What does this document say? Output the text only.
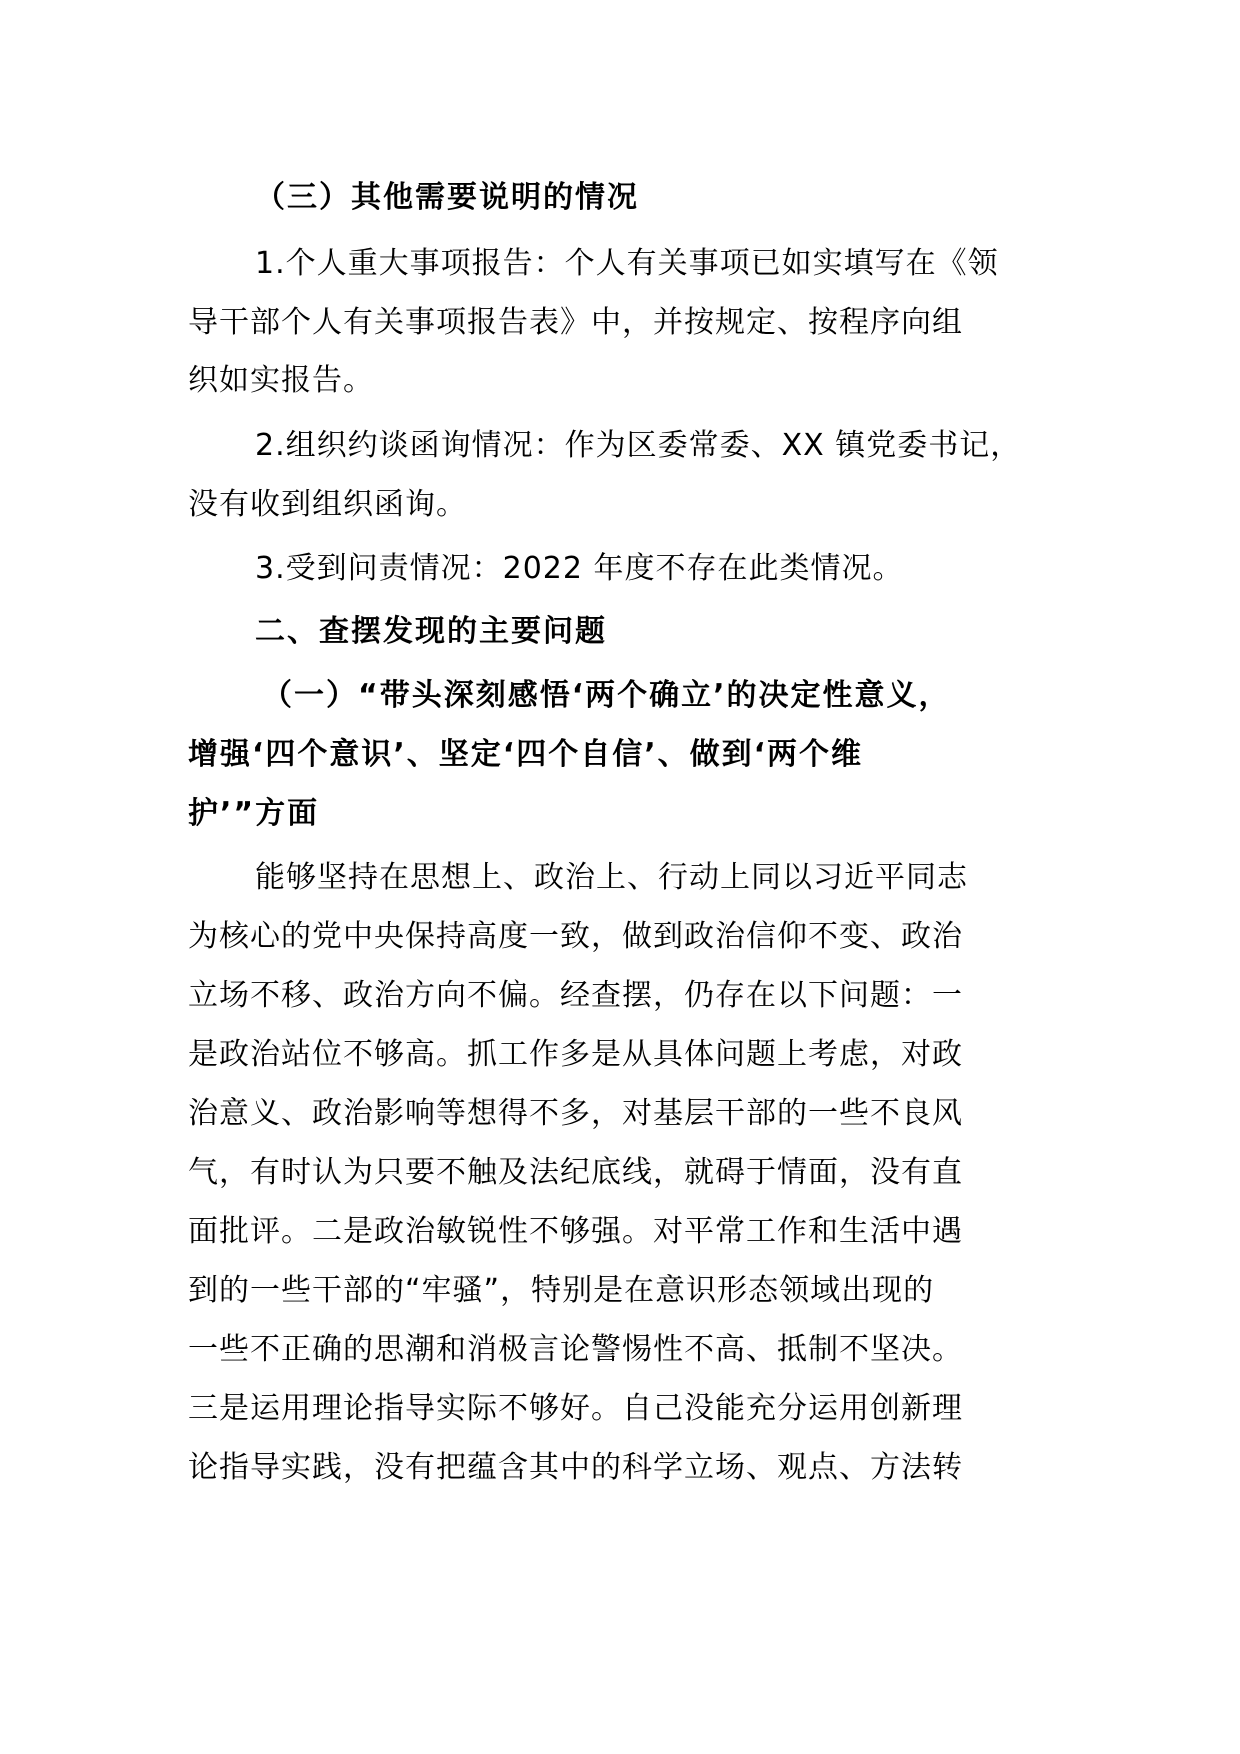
（三）其他需要说明的情况

1.个人重大事项报告：个人有关事项已如实填写在《领

导干部个人有关事项报告表》中，并按规定、按程序向组

织如实报告。

2.组织约谈函询情况：作为区委常委、XX 镇党委书记，

没有收到组织函询。

3.受到问责情况：2022 年度不存在此类情况。

二、查摆发现的主要问题

（一）“带头深刻感悟‘两个确立’的决定性意义，

增强‘四个意识’、坚定‘四个自信’、做到‘两个维

护’”方面

能够坚持在思想上、政治上、行动上同以习近平同志

为核心的党中央保持高度一致，做到政治信仰不变、政治

立场不移、政治方向不偏。经查摆，仍存在以下问题：一

是政治站位不够高。抓工作多是从具体问题上考虑，对政

治意义、政治影响等想得不多，对基层干部的一些不良风

气，有时认为只要不触及法纪底线，就碍于情面，没有直

面批评。二是政治敏锐性不够强。对平常工作和生活中遇

到的一些干部的“牢骚”，特别是在意识形态领域出现的

一些不正确的思潮和消极言论警惕性不高、抵制不坚决。

三是运用理论指导实际不够好。自己没能充分运用创新理

论指导实践，没有把蕴含其中的科学立场、观点、方法转
